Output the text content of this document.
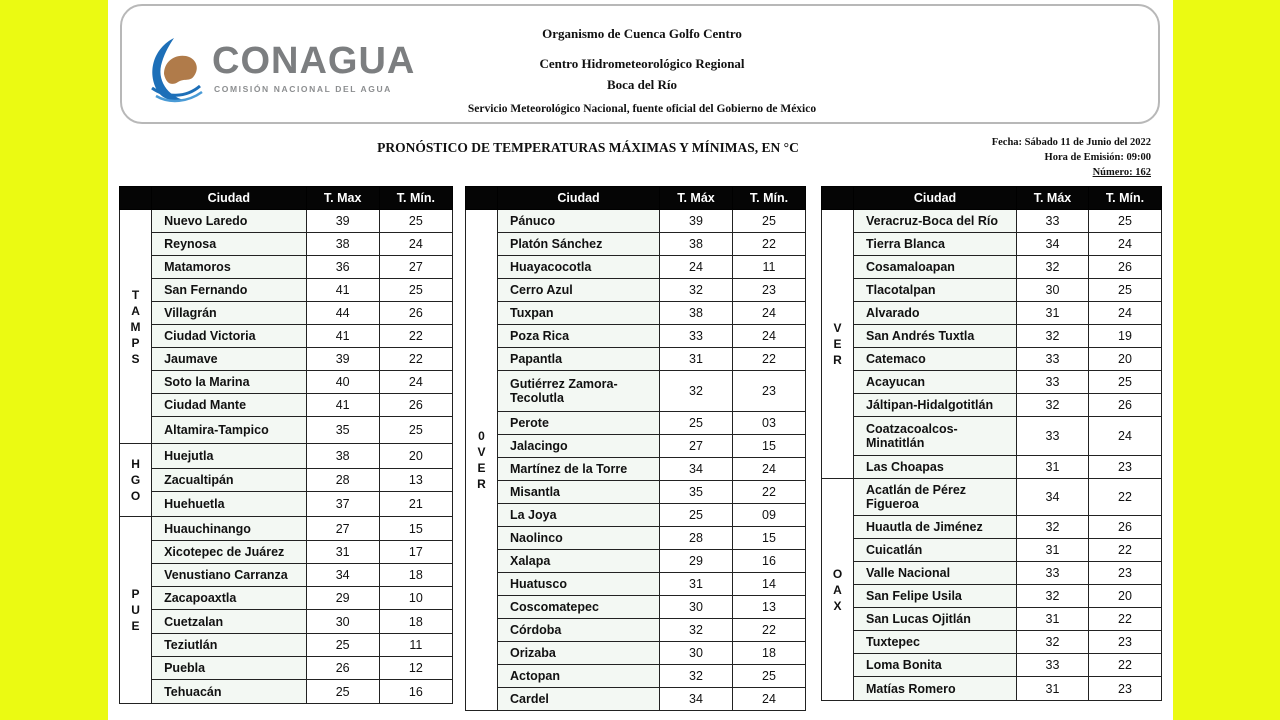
CONAGUA
COMISIÓN NACIONAL DEL AGUA
Organismo de Cuenca Golfo Centro
Centro Hidrometeorológico Regional
Boca del Río
Servicio Meteorológico Nacional, fuente oficial del Gobierno de México
PRONÓSTICO DE TEMPERATURAS MÁXIMAS Y MÍNIMAS, EN °C	Fecha: Sábado 11 de Junio del 2022
Hora de Emisión: 09:00
Número: 162
	Ciudad	T. Max	T. Mín.

T
A
M
P
S	Nuevo Laredo	39	25
	Reynosa	38	24
	Matamoros	36	27
	San Fernando	41	25
	Villagrán	44	26
	Ciudad Victoria	41	22
	Jaumave	39	22
	Soto la Marina	40	24
	Ciudad Mante	41	26
	Altamira-Tampico	35	25

H
G
O	Huejutla	38	20
	Zacualtipán	28	13
	Huehuetla	37	21

P
U
E	Huauchinango	27	15
	Xicotepec de Juárez	31	17
	Venustiano Carranza	34	18
	Zacapoaxtla	29	10
	Cuetzalan	30	18
	Teziutlán	25	11
	Puebla	26	12
	Tehuacán	25	16
	Ciudad	T. Máx	T. Mín.

0
V
E
R	Pánuco	39	25
	Platón Sánchez	38	22
	Huayacocotla	24	11
	Cerro Azul	32	23
	Tuxpan	38	24
	Poza Rica	33	24
	Papantla	31	22
	Gutiérrez Zamora-Tecolutla	32	23
	Perote	25	03
	Jalacingo	27	15
	Martínez de la Torre	34	24
	Misantla	35	22
	La Joya	25	09
	Naolinco	28	15
	Xalapa	29	16
	Huatusco	31	14
	Coscomatepec	30	13
	Córdoba	32	22
	Orizaba	30	18
	Actopan	32	25
	Cardel	34	24
	Ciudad	T. Máx	T. Mín.

V
E
R	Veracruz-Boca del Río	33	25
	Tierra Blanca	34	24
	Cosamaloapan	32	26
	Tlacotalpan	30	25
	Alvarado	31	24
	San Andrés Tuxtla	32	19
	Catemaco	33	20
	Acayucan	33	25
	Jáltipan-Hidalgotitlán	32	26
	Coatzacoalcos-Minatitlán	33	24
	Las Choapas	31	23

O
A
X	Acatlán de Pérez Figueroa	34	22
	Huautla de Jiménez	32	26
	Cuicatlán	31	22
	Valle Nacional	33	23
	San Felipe Usila	32	20
	San Lucas Ojitlán	31	22
	Tuxtepec	32	23
	Loma Bonita	33	22
	Matías Romero	31	23
